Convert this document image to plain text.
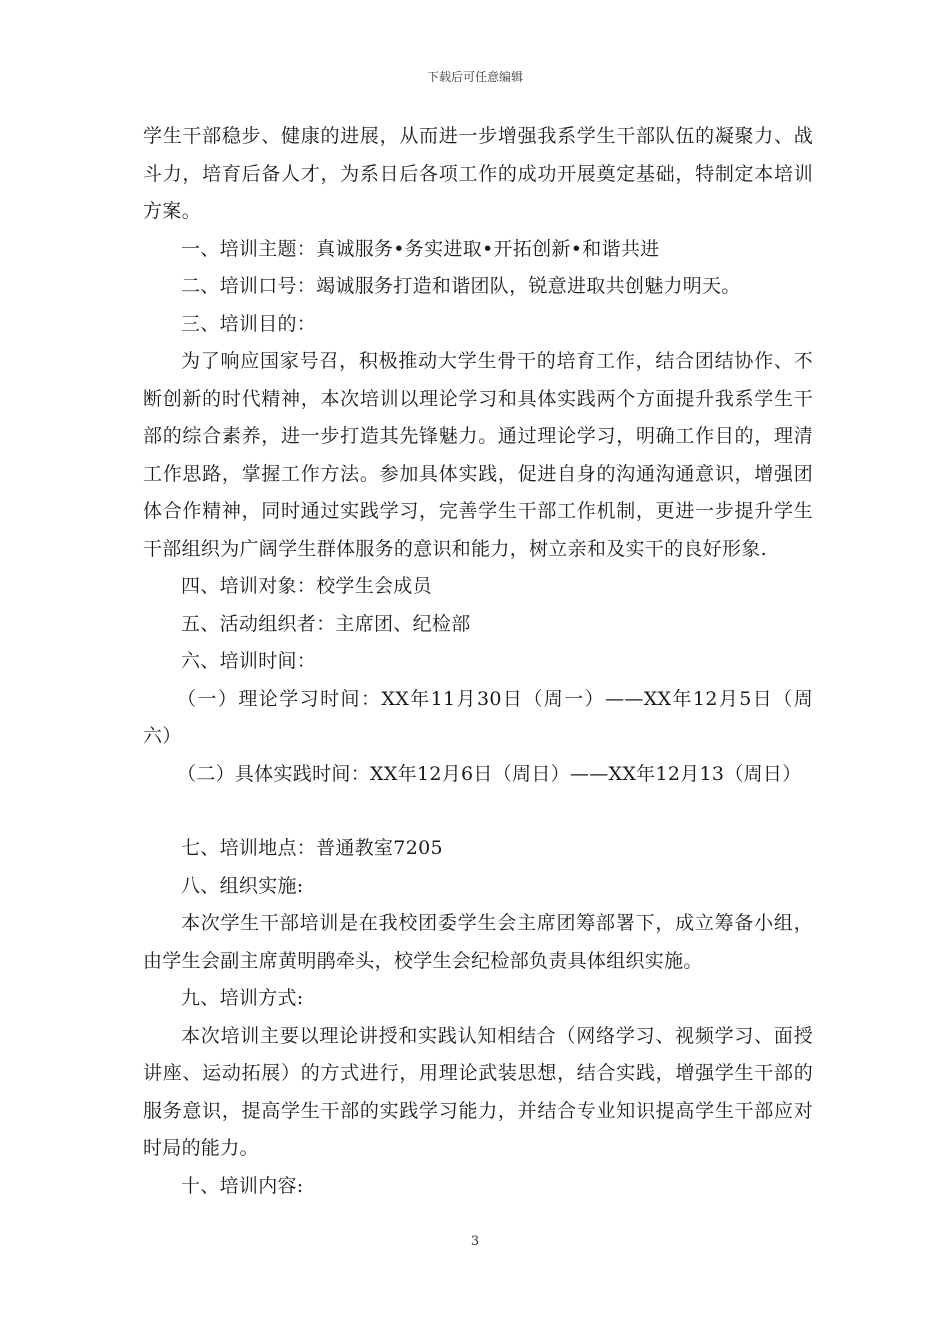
下载后可任意编辑

学生干部稳步、健康的进展，从而进一步增强我系学生干部队伍的凝聚力、战

斗力，培育后备人才，为系日后各项工作的成功开展奠定基础，特制定本培训

方案。

一、培训主题：真诚服务•务实进取•开拓创新•和谐共进

二、培训口号：竭诚服务打造和谐团队，锐意进取共创魅力明天。

三、培训目的：

为了响应国家号召，积极推动大学生骨干的培育工作，结合团结协作、不

断创新的时代精神，本次培训以理论学习和具体实践两个方面提升我系学生干

部的综合素养，进一步打造其先锋魅力。通过理论学习，明确工作目的，理清

工作思路，掌握工作方法。参加具体实践，促进自身的沟通沟通意识，增强团

体合作精神，同时通过实践学习，完善学生干部工作机制，更进一步提升学生

干部组织为广阔学生群体服务的意识和能力，树立亲和及实干的良好形象.

四、培训对象：校学生会成员

五、活动组织者：主席团、纪检部

六、培训时间：

（一）理论学习时间：XX年11月30日（周一）——XX年12月5日（周

六）

（二）具体实践时间：XX年12月6日（周日）——XX年12月13（周日）

七、培训地点：普通教室7205

八、组织实施:

本次学生干部培训是在我校团委学生会主席团筹部署下，成立筹备小组，

由学生会副主席黄明鹃牵头，校学生会纪检部负责具体组织实施。

九、培训方式:

本次培训主要以理论讲授和实践认知相结合（网络学习、视频学习、面授

讲座、运动拓展）的方式进行，用理论武装思想，结合实践，增强学生干部的

服务意识，提高学生干部的实践学习能力，并结合专业知识提高学生干部应对

时局的能力。

十、培训内容:

3
